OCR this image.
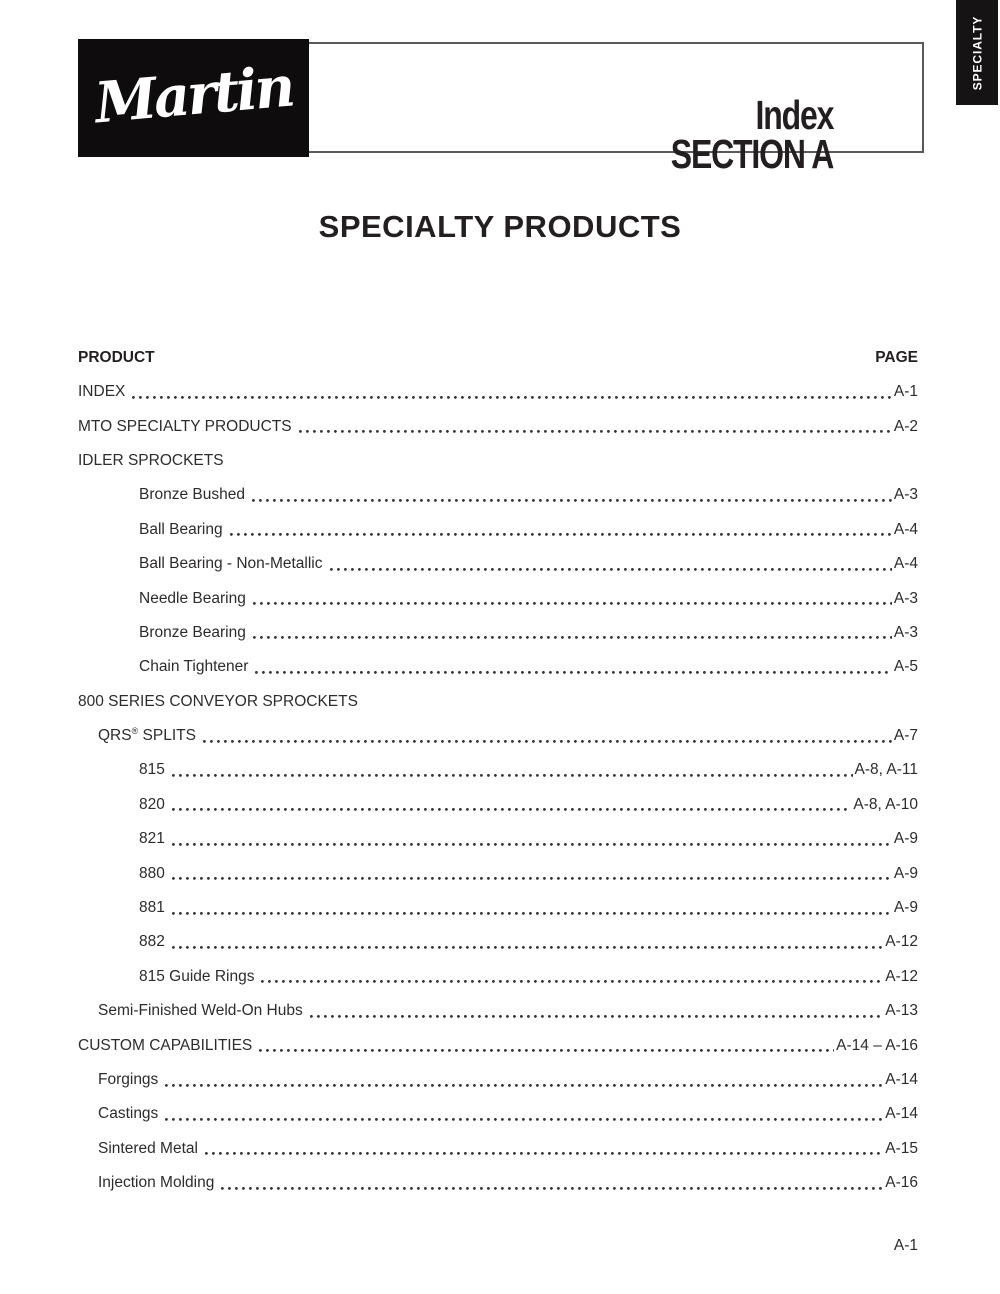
SPECIALTY
Index
SECTION A
Martin
SPECIALTY PRODUCTS
PRODUCT	PAGE
INDEX	A-1
MTO SPECIALTY PRODUCTS	A-2
IDLER SPROCKETS
Bronze Bushed	A-3
Ball Bearing	A-4
Ball Bearing - Non-Metallic	A-4
Needle Bearing	A-3
Bronze Bearing	A-3
Chain Tightener	A-5
800 SERIES CONVEYOR SPROCKETS
QRS® SPLITS	A-7
815	A-8, A-11
820	A-8, A-10
821	A-9
880	A-9
881	A-9
882	A-12
815 Guide Rings	A-12
Semi-Finished Weld-On Hubs	A-13
CUSTOM CAPABILITIES	A-14 – A-16
Forgings	A-14
Castings	A-14
Sintered Metal	A-15
Injection Molding	A-16
A-1
